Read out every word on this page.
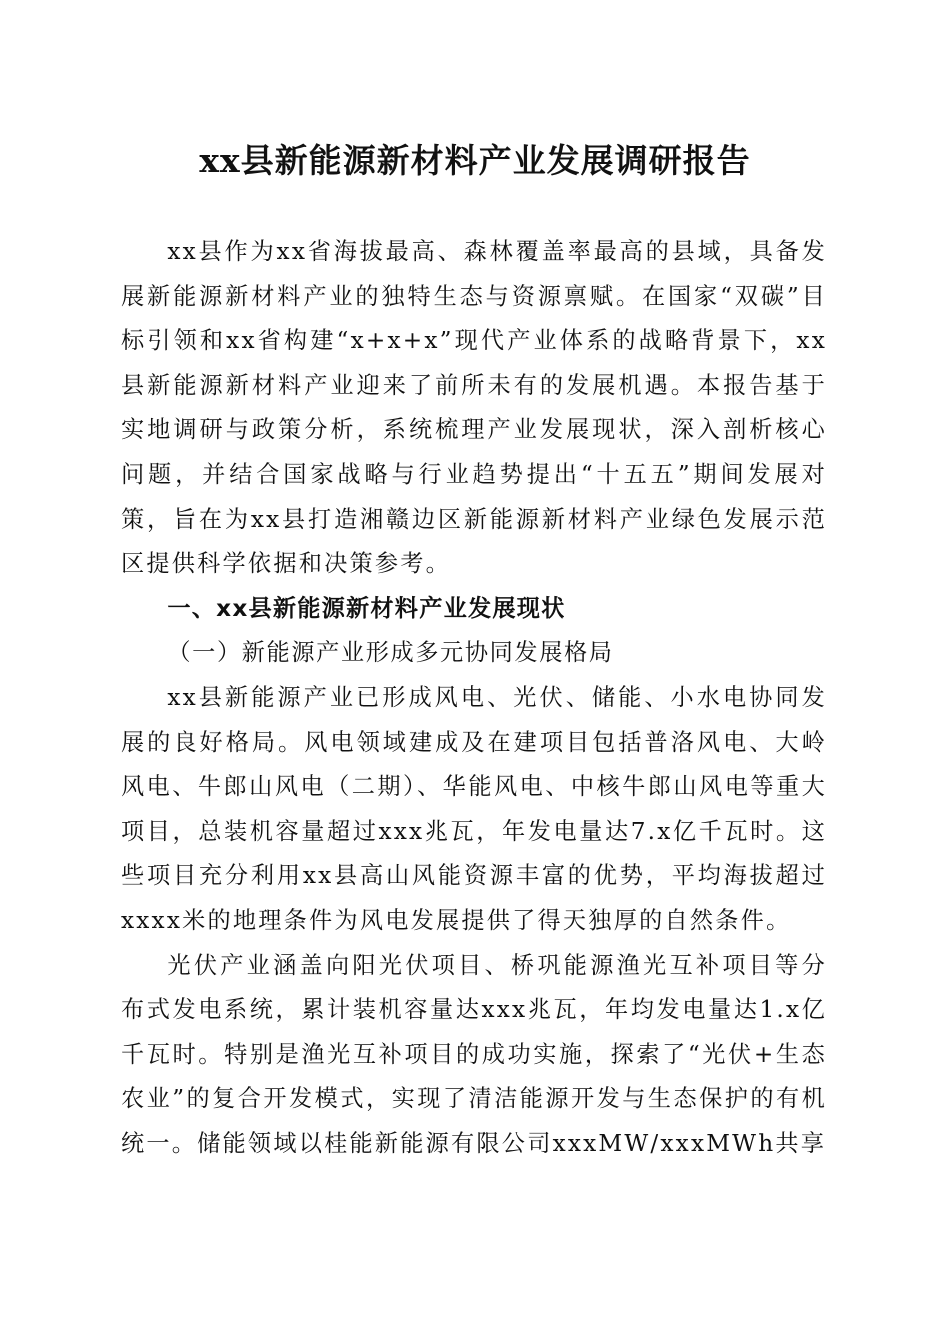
xx县新能源新材料产业发展调研报告

xx县作为xx省海拔最高、森林覆盖率最高的县域，具备发展新能源新材料产业的独特生态与资源禀赋。在国家“双碳”目标引领和xx省构建“x+x+x”现代产业体系的战略背景下，xx县新能源新材料产业迎来了前所未有的发展机遇。本报告基于实地调研与政策分析，系统梳理产业发展现状，深入剖析核心问题，并结合国家战略与行业趋势提出“十五五”期间发展对策，旨在为xx县打造湘赣边区新能源新材料产业绿色发展示范区提供科学依据和决策参考。

一、xx县新能源新材料产业发展现状

（一）新能源产业形成多元协同发展格局

xx县新能源产业已形成风电、光伏、储能、小水电协同发展的良好格局。风电领域建成及在建项目包括普洛风电、大岭风电、牛郎山风电（二期）、华能风电、中核牛郎山风电等重大项目，总装机容量超过xxx兆瓦，年发电量达7.x亿千瓦时。这些项目充分利用xx县高山风能资源丰富的优势，平均海拔超过xxxx米的地理条件为风电发展提供了得天独厚的自然条件。

光伏产业涵盖向阳光伏项目、桥巩能源渔光互补项目等分布式发电系统，累计装机容量达xxx兆瓦，年均发电量达1.x亿千瓦时。特别是渔光互补项目的成功实施，探索了“光伏+生态农业”的复合开发模式，实现了清洁能源开发与生态保护的有机统一。储能领域以桂能新能源有限公司xxxMW/xxxMWh共享
